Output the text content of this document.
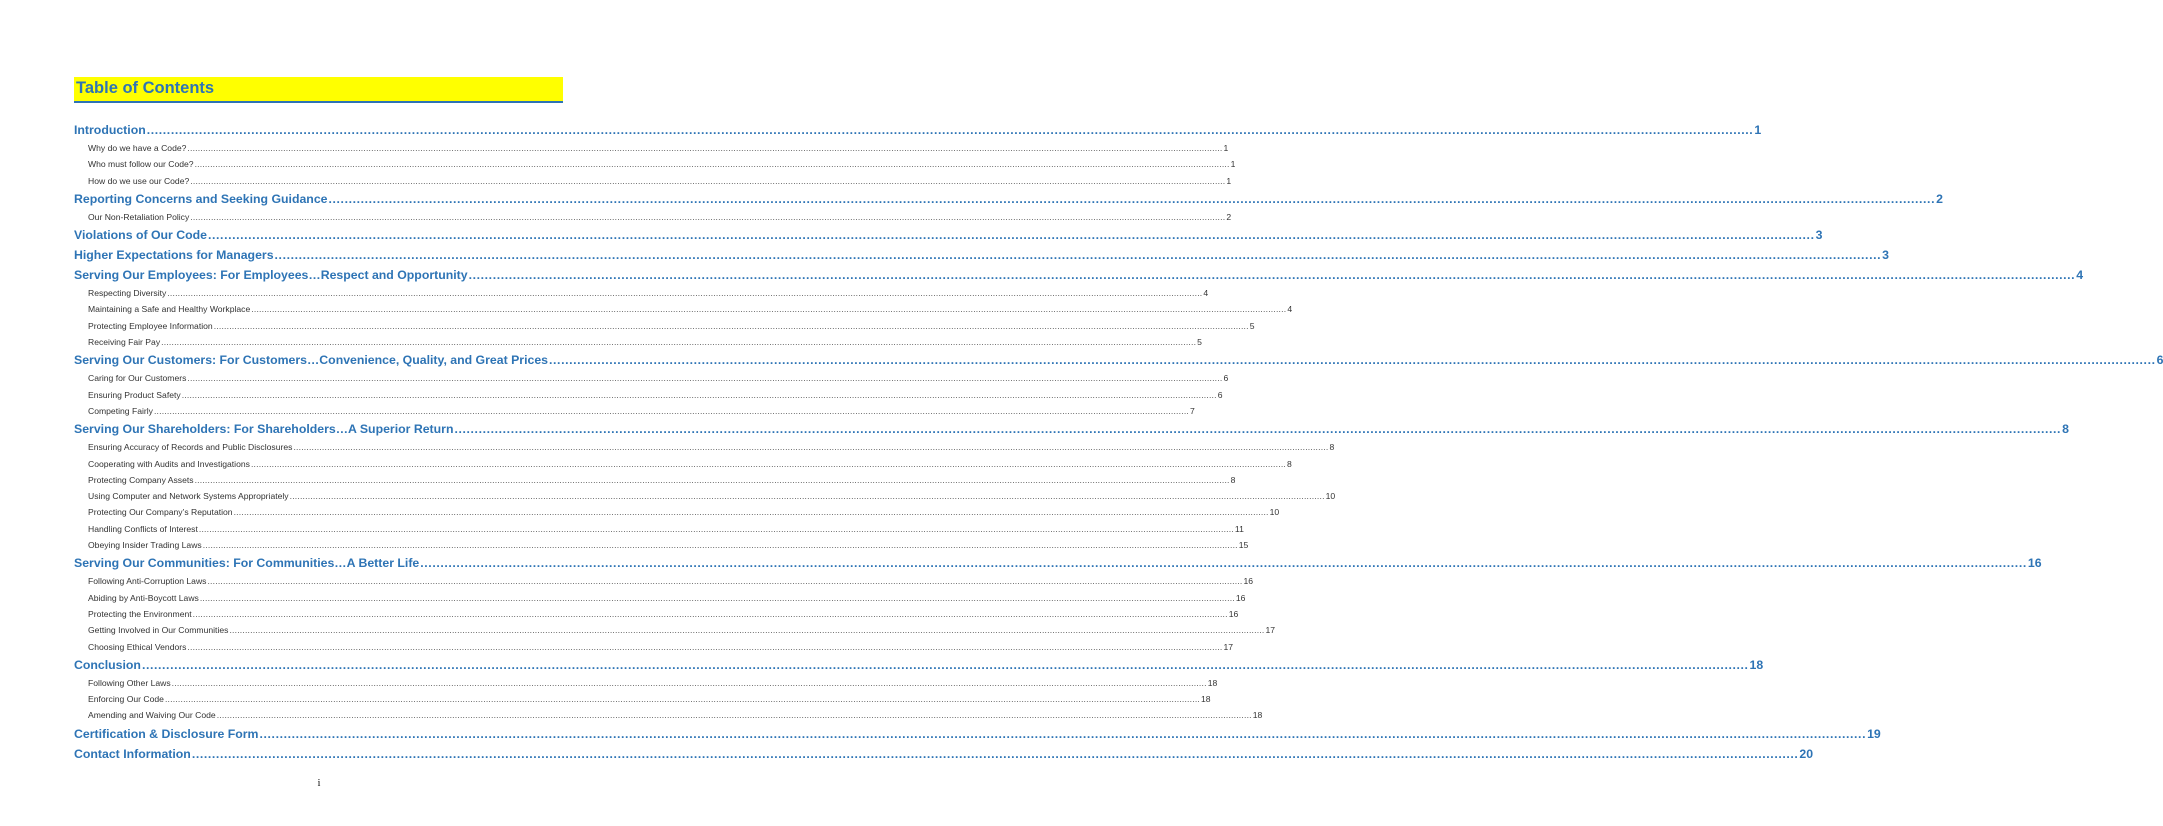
Table of Contents
Introduction ................................................................................................................................................................................................................................................................................................................................................................................................................ 1
Why do we have a Code? ................................................................................................................................................................................................................................................................................................................................................................................................................ 1
Who must follow our Code? ................................................................................................................................................................................................................................................................................................................................................................................................................ 1
How do we use our Code? ................................................................................................................................................................................................................................................................................................................................................................................................................ 1
Reporting Concerns and Seeking Guidance ................................................................................................................................................................................................................................................................................................................................................................................................................ 2
Our Non-Retaliation Policy ................................................................................................................................................................................................................................................................................................................................................................................................................ 2
Violations of Our Code ................................................................................................................................................................................................................................................................................................................................................................................................................ 3
Higher Expectations for Managers ................................................................................................................................................................................................................................................................................................................................................................................................................ 3
Serving Our Employees: For Employees…Respect and Opportunity ................................................................................................................................................................................................................................................................................................................................................................................................................ 4
Respecting Diversity ................................................................................................................................................................................................................................................................................................................................................................................................................ 4
Maintaining a Safe and Healthy Workplace ................................................................................................................................................................................................................................................................................................................................................................................................................ 4
Protecting Employee Information ................................................................................................................................................................................................................................................................................................................................................................................................................ 5
Receiving Fair Pay ................................................................................................................................................................................................................................................................................................................................................................................................................ 5
Serving Our Customers: For Customers…Convenience, Quality, and Great Prices ................................................................................................................................................................................................................................................................................................................................................................................................................ 6
Caring for Our Customers ................................................................................................................................................................................................................................................................................................................................................................................................................ 6
Ensuring Product Safety ................................................................................................................................................................................................................................................................................................................................................................................................................ 6
Competing Fairly ................................................................................................................................................................................................................................................................................................................................................................................................................ 7
Serving Our Shareholders: For Shareholders…A Superior Return ................................................................................................................................................................................................................................................................................................................................................................................................................ 8
Ensuring Accuracy of Records and Public Disclosures ................................................................................................................................................................................................................................................................................................................................................................................................................ 8
Cooperating with Audits and Investigations ................................................................................................................................................................................................................................................................................................................................................................................................................ 8
Protecting Company Assets ................................................................................................................................................................................................................................................................................................................................................................................................................ 8
Using Computer and Network Systems Appropriately ................................................................................................................................................................................................................................................................................................................................................................................................................ 10
Protecting Our Company’s Reputation ................................................................................................................................................................................................................................................................................................................................................................................................................ 10
Handling Conflicts of Interest ................................................................................................................................................................................................................................................................................................................................................................................................................ 11
Obeying Insider Trading Laws ................................................................................................................................................................................................................................................................................................................................................................................................................ 15
Serving Our Communities: For Communities…A Better Life ................................................................................................................................................................................................................................................................................................................................................................................................................ 16
Following Anti-Corruption Laws ................................................................................................................................................................................................................................................................................................................................................................................................................ 16
Abiding by Anti-Boycott Laws ................................................................................................................................................................................................................................................................................................................................................................................................................ 16
Protecting the Environment ................................................................................................................................................................................................................................................................................................................................................................................................................ 16
Getting Involved in Our Communities ................................................................................................................................................................................................................................................................................................................................................................................................................ 17
Choosing Ethical Vendors ................................................................................................................................................................................................................................................................................................................................................................................................................ 17
Conclusion ................................................................................................................................................................................................................................................................................................................................................................................................................ 18
Following Other Laws ................................................................................................................................................................................................................................................................................................................................................................................................................ 18
Enforcing Our Code ................................................................................................................................................................................................................................................................................................................................................................................................................ 18
Amending and Waiving Our Code ................................................................................................................................................................................................................................................................................................................................................................................................................ 18
Certification & Disclosure Form ................................................................................................................................................................................................................................................................................................................................................................................................................ 19
Contact Information ................................................................................................................................................................................................................................................................................................................................................................................................................ 20
i
